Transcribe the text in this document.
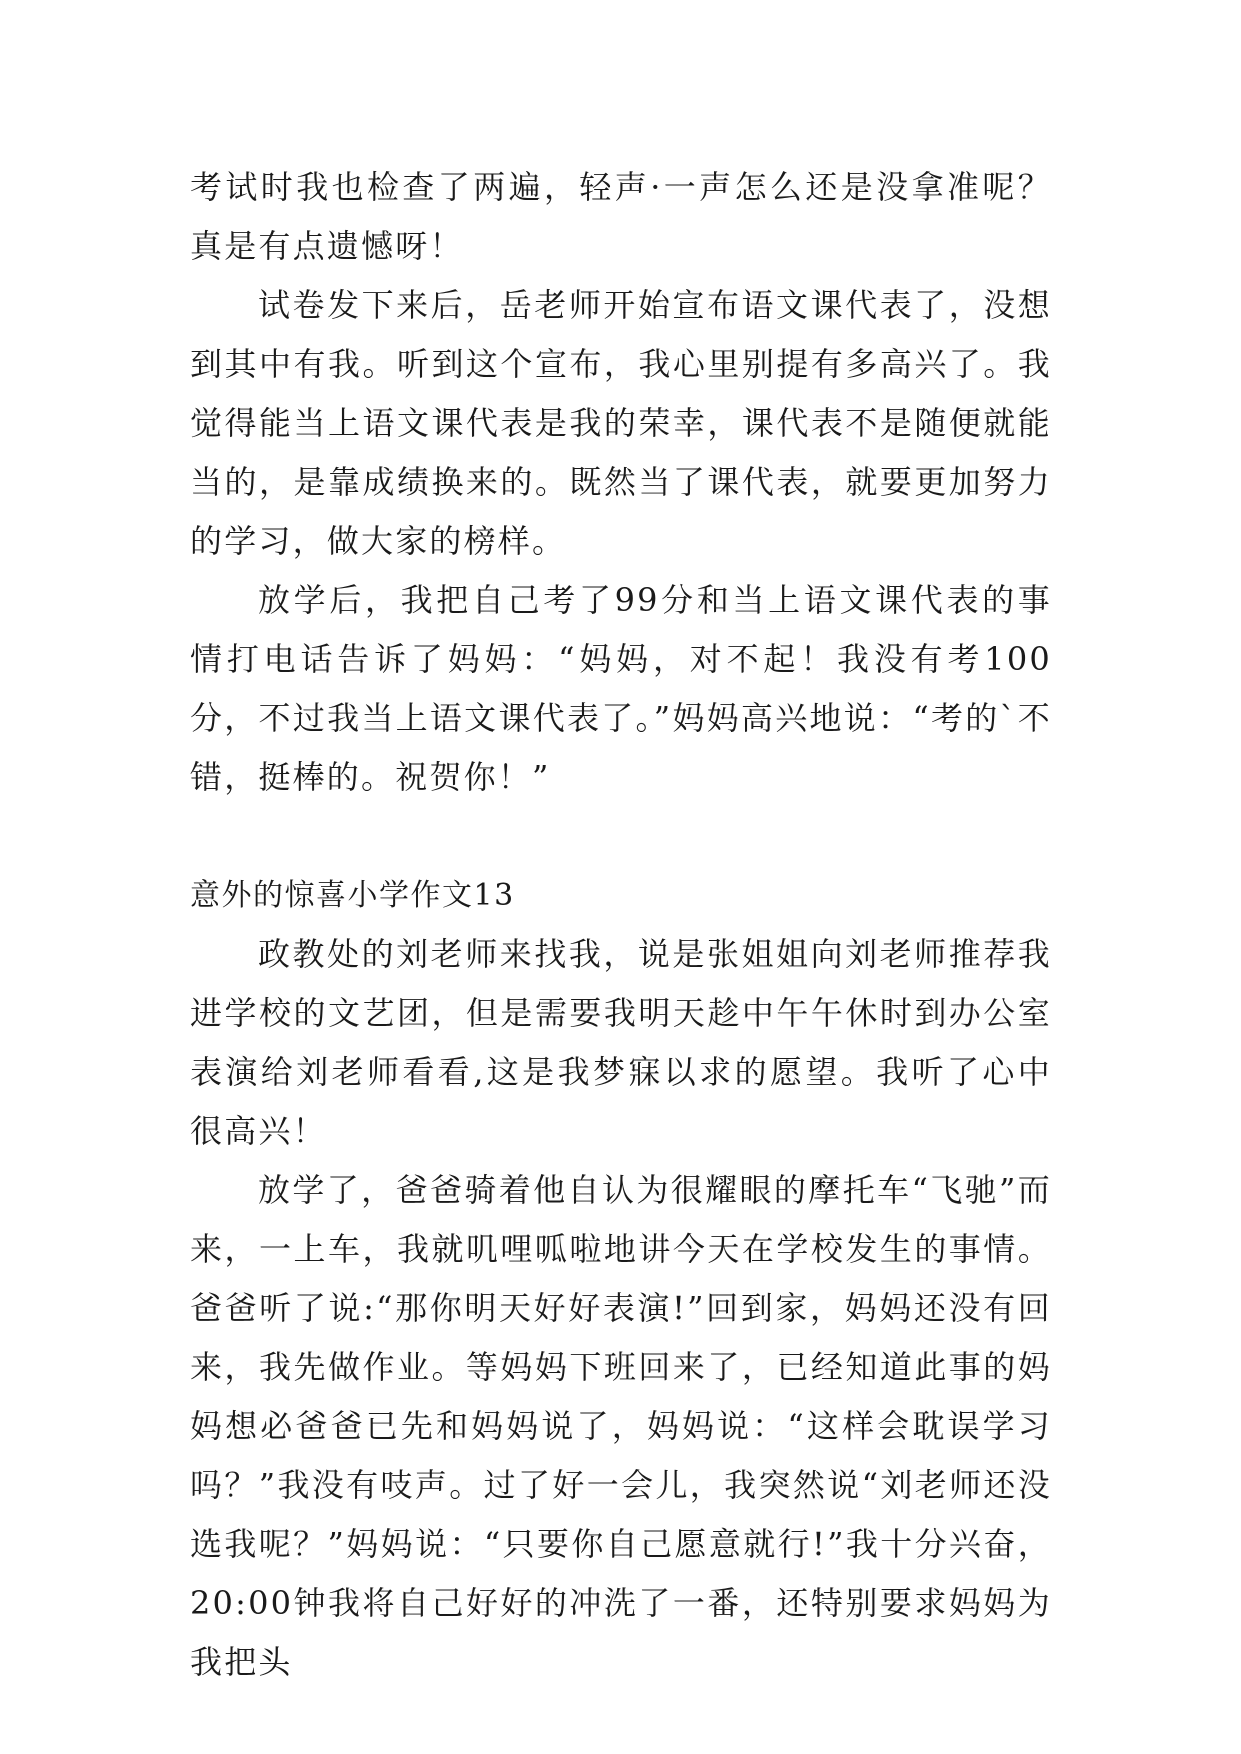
考试时我也检查了两遍，轻声·一声怎么还是没拿准呢？真是有点遗憾呀！

试卷发下来后，岳老师开始宣布语文课代表了，没想到其中有我。听到这个宣布，我心里别提有多高兴了。我觉得能当上语文课代表是我的荣幸，课代表不是随便就能当的，是靠成绩换来的。既然当了课代表，就要更加努力的学习，做大家的榜样。

放学后，我把自己考了99分和当上语文课代表的事情打电话告诉了妈妈：“妈妈，对不起！我没有考100分，不过我当上语文课代表了。”妈妈高兴地说：“考的`不错，挺棒的。祝贺你！”

意外的惊喜小学作文13

政教处的刘老师来找我，说是张姐姐向刘老师推荐我进学校的文艺团，但是需要我明天趁中午午休时到办公室表演给刘老师看看,这是我梦寐以求的愿望。我听了心中很高兴！

放学了，爸爸骑着他自认为很耀眼的摩托车“飞驰”而来，一上车，我就叽哩呱啦地讲今天在学校发生的事情。爸爸听了说:“那你明天好好表演!”回到家，妈妈还没有回来，我先做作业。等妈妈下班回来了，已经知道此事的妈妈想必爸爸已先和妈妈说了，妈妈说：“这样会耽误学习吗？”我没有吱声。过了好一会儿，我突然说“刘老师还没选我呢？”妈妈说：“只要你自己愿意就行!”我十分兴奋，20:00钟我将自己好好的冲洗了一番，还特别要求妈妈为我把头
